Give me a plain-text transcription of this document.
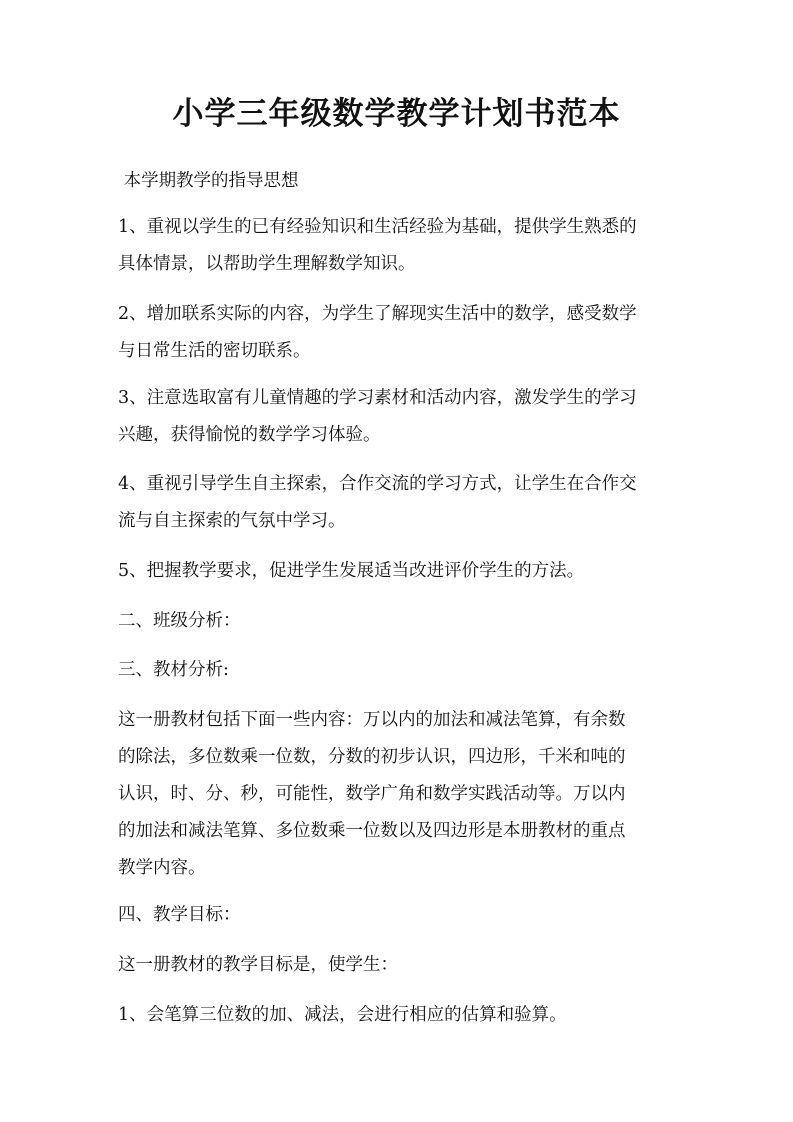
小学三年级数学教学计划书范本
本学期教学的指导思想
1、重视以学生的已有经验知识和生活经验为基础，提供学生熟悉的
具体情景，以帮助学生理解数学知识。
2、增加联系实际的内容，为学生了解现实生活中的数学，感受数学
与日常生活的密切联系。
3、注意选取富有儿童情趣的学习素材和活动内容，激发学生的学习
兴趣，获得愉悦的数学学习体验。
4、重视引导学生自主探索，合作交流的学习方式，让学生在合作交
流与自主探索的气氛中学习。
5、把握教学要求，促进学生发展适当改进评价学生的方法。
二、班级分析：
三、教材分析:
这一册教材包括下面一些内容：万以内的加法和减法笔算，有余数
的除法，多位数乘一位数，分数的初步认识，四边形，千米和吨的
认识，时、分、秒，可能性，数学广角和数学实践活动等。万以内
的加法和减法笔算、多位数乘一位数以及四边形是本册教材的重点
教学内容。
四、教学目标：
这一册教材的教学目标是，使学生：
1、会笔算三位数的加、减法，会进行相应的估算和验算。
